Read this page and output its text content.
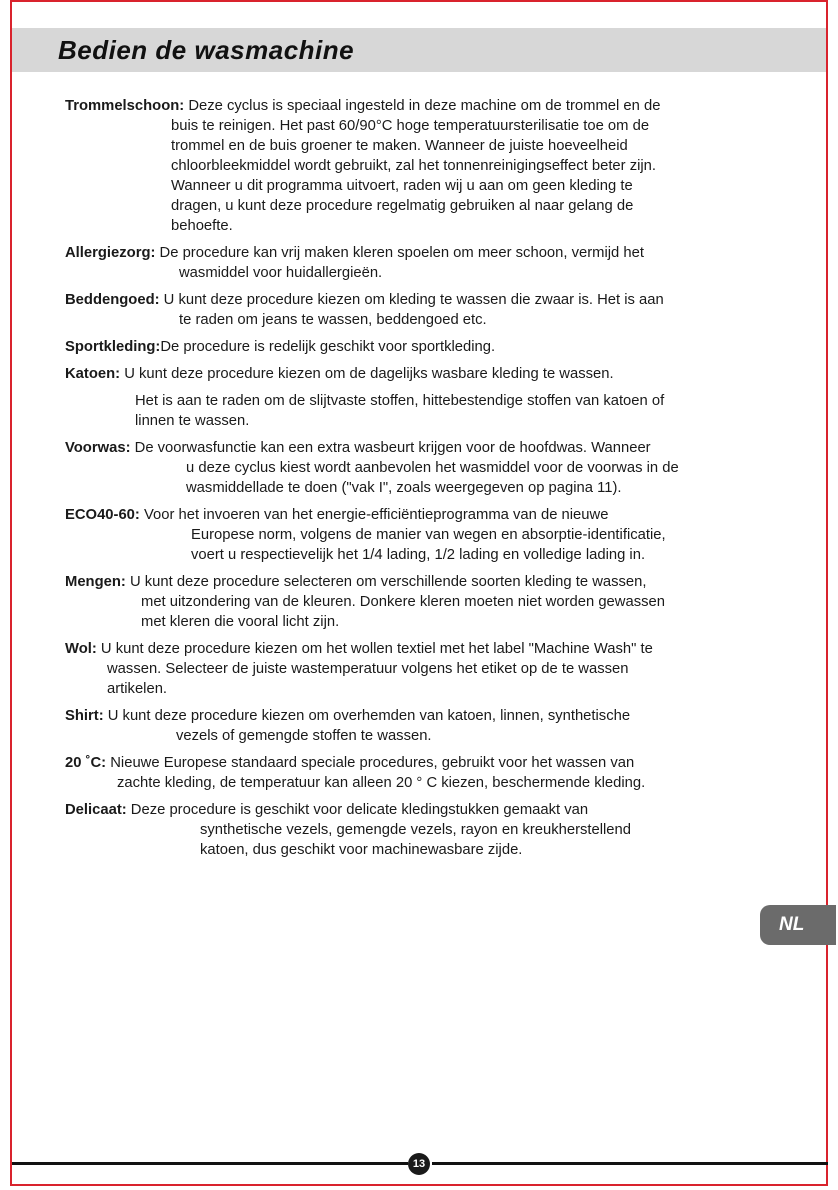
Bedien de wasmachine
Trommelschoon: Deze cyclus is speciaal ingesteld in deze machine om de trommel en de
buis te reinigen. Het past 60/90°C hoge temperatuursterilisatie toe om de
trommel en de buis groener te maken. Wanneer de juiste hoeveelheid
chloorbleekmiddel wordt gebruikt, zal het tonnenreinigingseffect beter zijn.
Wanneer u dit programma uitvoert, raden wij u aan om geen kleding te
dragen, u kunt deze procedure regelmatig gebruiken al naar gelang de
behoefte.
Allergiezorg: De procedure kan vrij maken kleren spoelen om meer schoon, vermijd het
wasmiddel voor huidallergieën.
Beddengoed: U kunt deze procedure kiezen om kleding te wassen die zwaar is. Het is aan
te raden om jeans te wassen, beddengoed etc.
Sportkleding:De procedure is redelijk geschikt voor sportkleding.
Katoen: U kunt deze procedure kiezen om de dagelijks wasbare kleding te wassen.
Het is aan te raden om de slijtvaste stoffen, hittebestendige stoffen van katoen of
linnen te wassen.
Voorwas: De voorwasfunctie kan een extra wasbeurt krijgen voor de hoofdwas. Wanneer
u deze cyclus kiest wordt aanbevolen het wasmiddel voor de voorwas in de
wasmiddellade te doen ("vak I", zoals weergegeven op pagina 11).
ECO40-60: Voor het invoeren van het energie-efficiëntieprogramma van de nieuwe
Europese norm, volgens de manier van wegen en absorptie-identificatie,
voert u respectievelijk het 1/4 lading, 1/2 lading en volledige lading in.
Mengen: U kunt deze procedure selecteren om verschillende soorten kleding te wassen,
met uitzondering van de kleuren. Donkere kleren moeten niet worden gewassen
met kleren die vooral licht zijn.
Wol: U kunt deze procedure kiezen om het wollen textiel met het label "Machine Wash" te
wassen. Selecteer de juiste wastemperatuur volgens het etiket op de te wassen
artikelen.
Shirt: U kunt deze procedure kiezen om overhemden van katoen, linnen, synthetische
vezels of gemengde stoffen te wassen.
20 ˚C: Nieuwe Europese standaard speciale procedures, gebruikt voor het wassen van
zachte kleding, de temperatuur kan alleen 20 ° C kiezen, beschermende kleding.
Delicaat: Deze procedure is geschikt voor delicate kledingstukken gemaakt van
synthetische vezels, gemengde vezels, rayon en kreukherstellend
katoen, dus geschikt voor machinewasbare zijde.
NL
13
